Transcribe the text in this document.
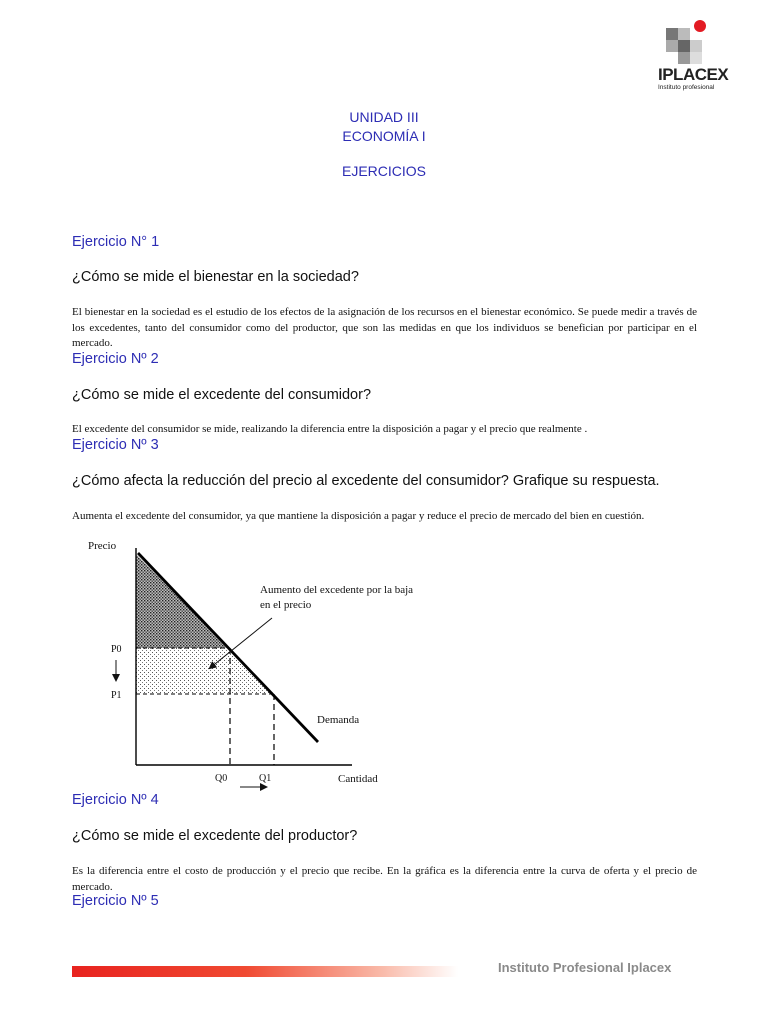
IPLACEX
Instituto profesional
UNIDAD III
ECONOMÍA I
EJERCICIOS
Ejercicio N° 1
¿Cómo se mide el bienestar en la sociedad?
El bienestar en la sociedad es el estudio de los efectos de la asignación de los recursos en el bienestar económico. Se puede medir a través de los excedentes, tanto del consumidor como del productor, que son las medidas en que los individuos se benefician por participar en el mercado.
Ejercicio Nº 2
¿Cómo se mide el excedente del consumidor?
El excedente del consumidor se mide, realizando la diferencia entre la disposición a pagar y el precio que realmente .
Ejercicio Nº 3
¿Cómo afecta la reducción del precio al excedente del consumidor? Grafique su respuesta.
Aumenta el excedente del consumidor, ya que mantiene la disposición a pagar y reduce el precio de mercado del bien en cuestión.
Precio
Cantidad
P0
P1
Q0	Q1
Demanda
Aumento del excedente por la baja en el precio
Ejercicio Nº 4
¿Cómo se mide el excedente del productor?
Es la diferencia entre el costo de producción y el precio que recibe. En la gráfica es la diferencia entre la curva de oferta y el precio de mercado.
Ejercicio Nº 5
Instituto Profesional Iplacex
